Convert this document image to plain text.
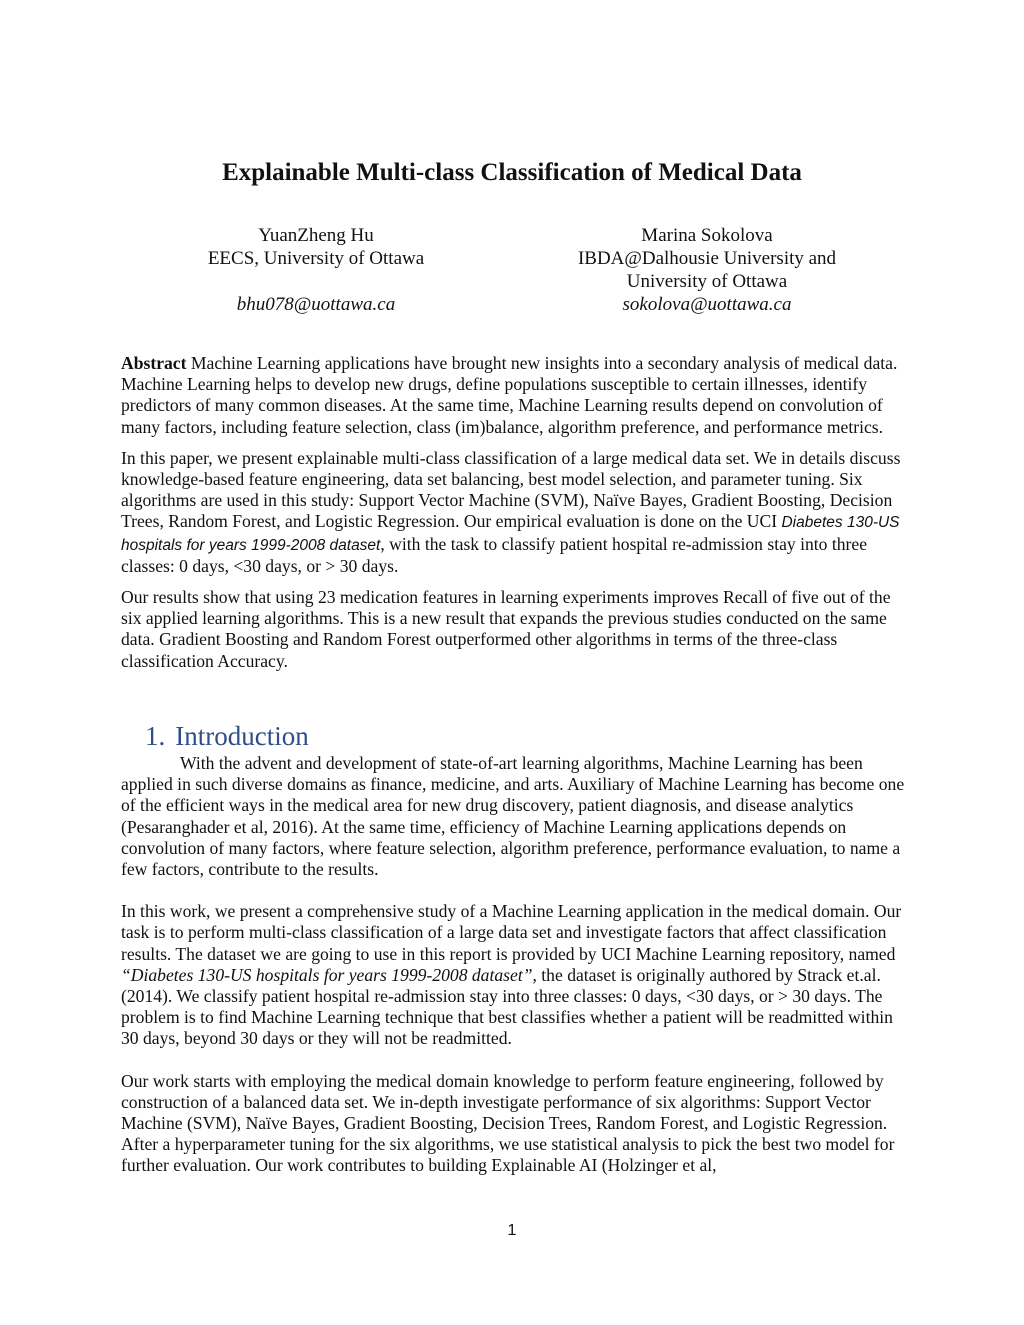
Explainable Multi-class Classification of Medical Data
YuanZheng Hu
EECS, University of Ottawa
bhu078@uottawa.ca
Marina Sokolova
IBDA@Dalhousie University and
University of Ottawa
sokolova@uottawa.ca

Abstract Machine Learning applications have brought new insights into a secondary analysis of medical data. Machine Learning helps to develop new drugs, define populations susceptible to certain illnesses, identify predictors of many common diseases. At the same time, Machine Learning results depend on convolution of many factors, including feature selection, class (im)balance, algorithm preference, and performance metrics.

In this paper, we present explainable multi-class classification of a large medical data set. We in details discuss knowledge-based feature engineering, data set balancing, best model selection, and parameter tuning. Six algorithms are used in this study: Support Vector Machine (SVM), Naïve Bayes, Gradient Boosting, Decision Trees, Random Forest, and Logistic Regression. Our empirical evaluation is done on the UCI Diabetes 130-US hospitals for years 1999-2008 dataset, with the task to classify patient hospital re-admission stay into three classes: 0 days, <30 days, or > 30 days.

Our results show that using 23 medication features in learning experiments improves Recall of five out of the six applied learning algorithms. This is a new result that expands the previous studies conducted on the same data. Gradient Boosting and Random Forest outperformed other algorithms in terms of the three-class classification Accuracy.

1. Introduction

With the advent and development of state-of-art learning algorithms, Machine Learning has been applied in such diverse domains as finance, medicine, and arts. Auxiliary of Machine Learning has become one of the efficient ways in the medical area for new drug discovery, patient diagnosis, and disease analytics (Pesaranghader et al, 2016). At the same time, efficiency of Machine Learning applications depends on convolution of many factors, where feature selection, algorithm preference, performance evaluation, to name a few factors, contribute to the results.

In this work, we present a comprehensive study of a Machine Learning application in the medical domain. Our task is to perform multi-class classification of a large data set and investigate factors that affect classification results. The dataset we are going to use in this report is provided by UCI Machine Learning repository, named “Diabetes 130-US hospitals for years 1999-2008 dataset”, the dataset is originally authored by Strack et.al. (2014). We classify patient hospital re-admission stay into three classes: 0 days, <30 days, or > 30 days. The problem is to find Machine Learning technique that best classifies whether a patient will be readmitted within 30 days, beyond 30 days or they will not be readmitted.

Our work starts with employing the medical domain knowledge to perform feature engineering, followed by construction of a balanced data set. We in-depth investigate performance of six algorithms: Support Vector Machine (SVM), Naïve Bayes, Gradient Boosting, Decision Trees, Random Forest, and Logistic Regression. After a hyperparameter tuning for the six algorithms, we use statistical analysis to pick the best two model for further evaluation. Our work contributes to building Explainable AI (Holzinger et al,

1
